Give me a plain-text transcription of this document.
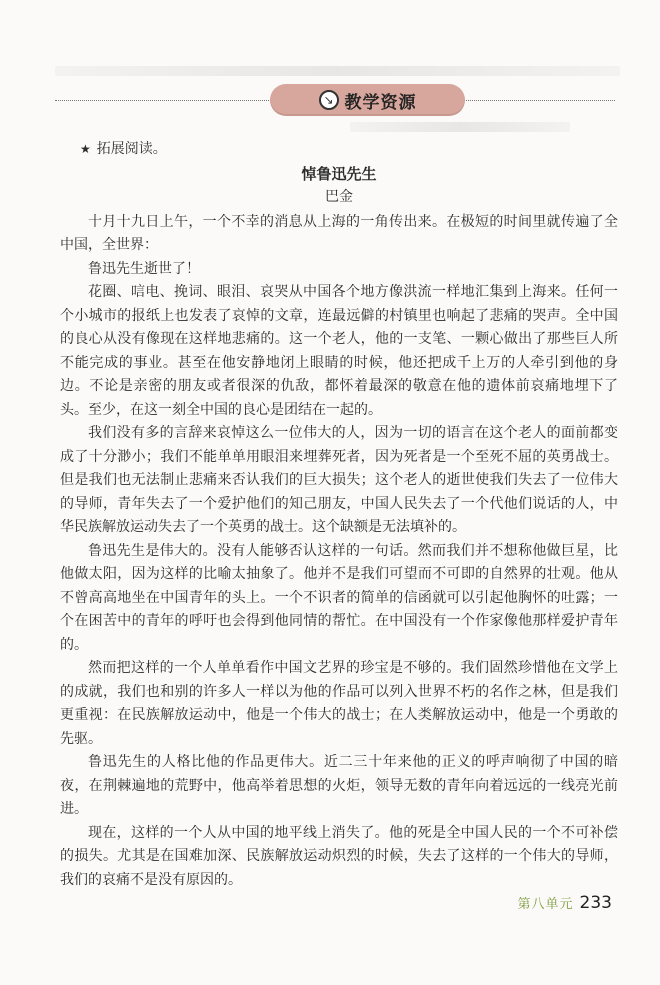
↘ 教学资源
★ 拓展阅读。
悼鲁迅先生
巴金

十月十九日上午，一个不幸的消息从上海的一角传出来。在极短的时间里就传遍了全中国，全世界：

鲁迅先生逝世了！

花圈、唁电、挽词、眼泪、哀哭从中国各个地方像洪流一样地汇集到上海来。任何一个小城市的报纸上也发表了哀悼的文章，连最远僻的村镇里也响起了悲痛的哭声。全中国的良心从没有像现在这样地悲痛的。这一个老人，他的一支笔、一颗心做出了那些巨人所不能完成的事业。甚至在他安静地闭上眼睛的时候，他还把成千上万的人牵引到他的身边。不论是亲密的朋友或者很深的仇敌，都怀着最深的敬意在他的遗体前哀痛地埋下了头。至少，在这一刻全中国的良心是团结在一起的。

我们没有多的言辞来哀悼这么一位伟大的人，因为一切的语言在这个老人的面前都变成了十分渺小；我们不能单单用眼泪来埋葬死者，因为死者是一个至死不屈的英勇战士。但是我们也无法制止悲痛来否认我们的巨大损失；这个老人的逝世使我们失去了一位伟大的导师，青年失去了一个爱护他们的知己朋友，中国人民失去了一个代他们说话的人，中华民族解放运动失去了一个英勇的战士。这个缺额是无法填补的。

鲁迅先生是伟大的。没有人能够否认这样的一句话。然而我们并不想称他做巨星，比他做太阳，因为这样的比喻太抽象了。他并不是我们可望而不可即的自然界的壮观。他从不曾高高地坐在中国青年的头上。一个不识者的简单的信函就可以引起他胸怀的吐露；一个在困苦中的青年的呼吁也会得到他同情的帮忙。在中国没有一个作家像他那样爱护青年的。

然而把这样的一个人单单看作中国文艺界的珍宝是不够的。我们固然珍惜他在文学上的成就，我们也和别的许多人一样以为他的作品可以列入世界不朽的名作之林，但是我们更重视：在民族解放运动中，他是一个伟大的战士；在人类解放运动中，他是一个勇敢的先驱。

鲁迅先生的人格比他的作品更伟大。近二三十年来他的正义的呼声响彻了中国的暗夜，在荆棘遍地的荒野中，他高举着思想的火炬，领导无数的青年向着远远的一线亮光前进。

现在，这样的一个人从中国的地平线上消失了。他的死是全中国人民的一个不可补偿的损失。尤其是在国难加深、民族解放运动炽烈的时候，失去了这样的一个伟大的导师，我们的哀痛不是没有原因的。

第八单元 233
